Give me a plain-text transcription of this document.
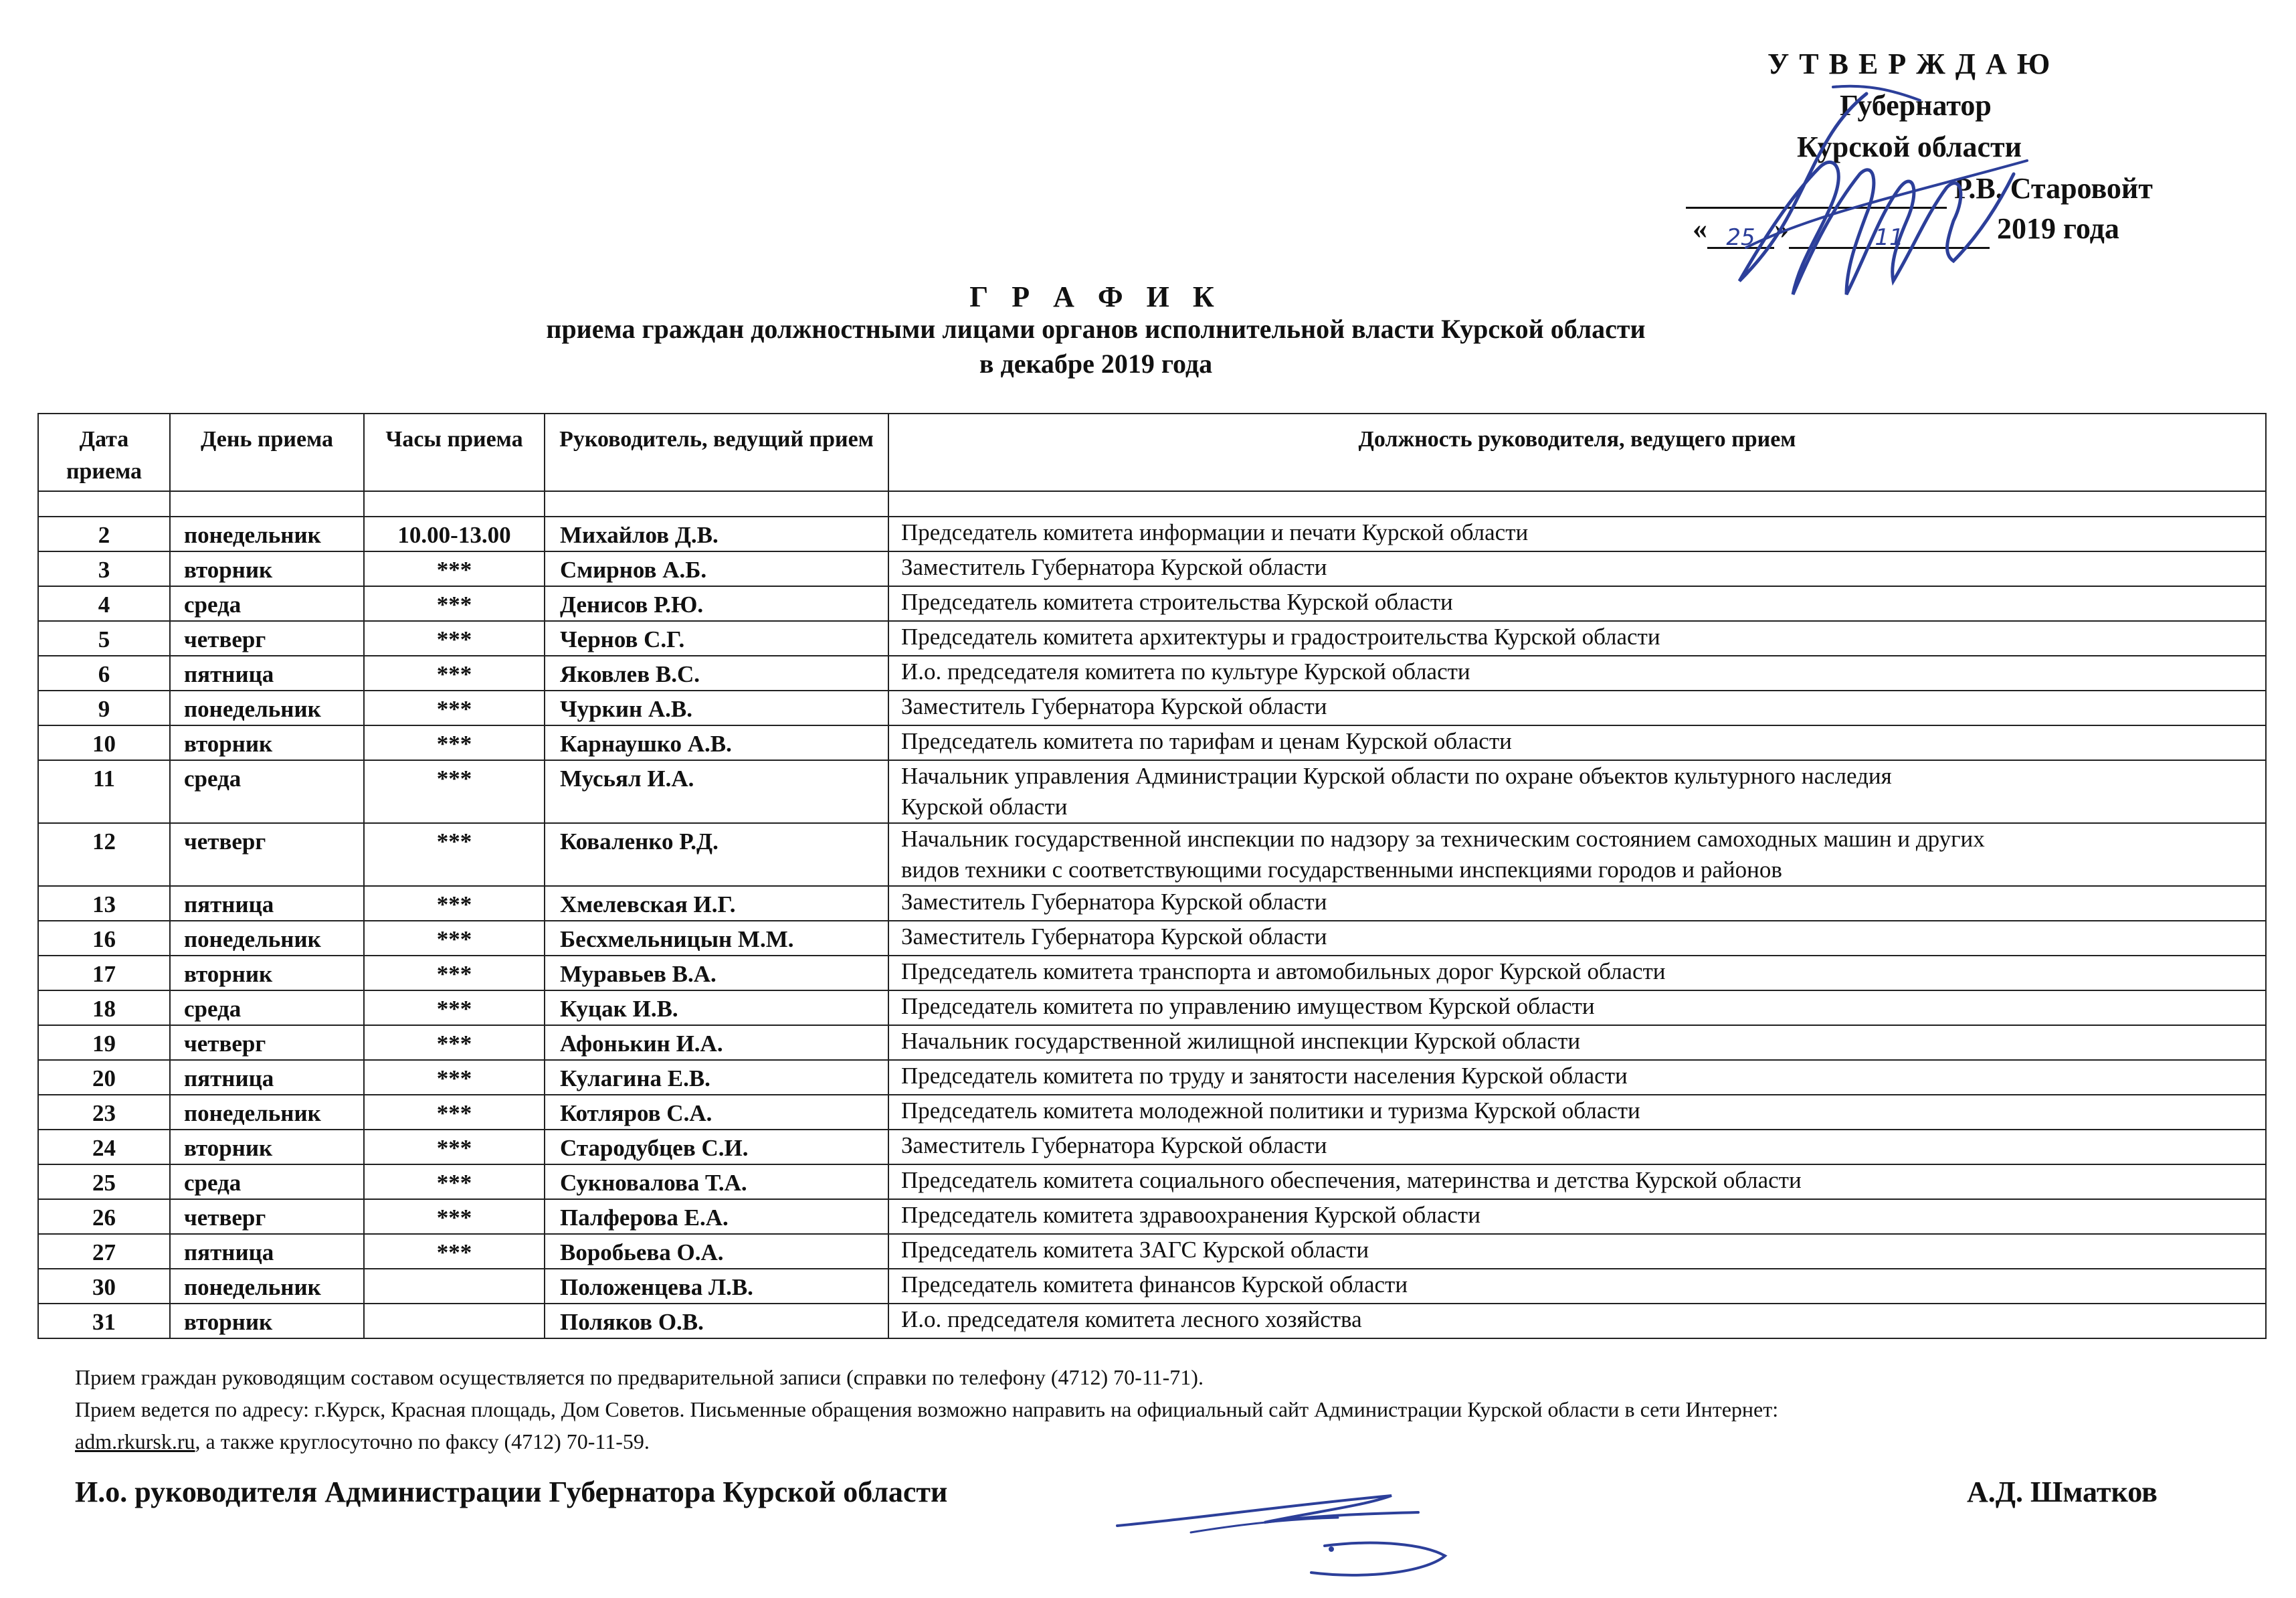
У Т В Е Р Ж Д А Ю
Губернатор
Курской области
Р.В. Старовойт
« 25 »	11	2019 года
Г Р А Ф И К
приема граждан должностными лицами органов исполнительной власти Курской области
в декабре 2019 года
Дата приема	День приема	Часы приема	Руководитель, ведущий прием	Должность руководителя, ведущего прием

2	понедельник	10.00-13.00	Михайлов Д.В.	Председатель комитета информации и печати Курской области

3	вторник	***	Смирнов А.Б.	Заместитель Губернатора Курской области

4	среда	***	Денисов Р.Ю.	Председатель комитета строительства Курской области

5	четверг	***	Чернов С.Г.	Председатель комитета архитектуры и градостроительства Курской области

6	пятница	***	Яковлев В.С.	И.о. председателя комитета по культуре Курской области

9	понедельник	***	Чуркин А.В.	Заместитель Губернатора Курской области

10	вторник	***	Карнаушко А.В.	Председатель комитета по тарифам и ценам Курской области

11	среда	***	Мусьял И.А.	Начальник управления Администрации Курской области по охране объектов культурного наследия
Курской области

12	четверг	***	Коваленко Р.Д.	Начальник государственной инспекции по надзору за техническим состоянием самоходных машин и других
видов техники с соответствующими государственными инспекциями городов и районов

13	пятница	***	Хмелевская И.Г.	Заместитель Губернатора Курской области

16	понедельник	***	Бесхмельницын М.М.	Заместитель Губернатора Курской области

17	вторник	***	Муравьев В.А.	Председатель комитета транспорта и автомобильных дорог Курской области

18	среда	***	Куцак И.В.	Председатель комитета по управлению имуществом Курской области

19	четверг	***	Афонькин И.А.	Начальник государственной жилищной инспекции Курской области

20	пятница	***	Кулагина Е.В.	Председатель комитета по труду и занятости населения Курской области

23	понедельник	***	Котляров С.А.	Председатель комитета молодежной политики и туризма Курской области

24	вторник	***	Стародубцев С.И.	Заместитель Губернатора Курской области

25	среда	***	Сукновалова Т.А.	Председатель комитета социального обеспечения, материнства и детства Курской области

26	четверг	***	Палферова Е.А.	Председатель комитета здравоохранения Курской области

27	пятница	***	Воробьева О.А.	Председатель комитета ЗАГС Курской области

30	понедельник		Положенцева Л.В.	Председатель комитета финансов Курской области

31	вторник		Поляков О.В.	И.о. председателя комитета лесного хозяйства
Прием граждан руководящим составом осуществляется по предварительной записи (справки по телефону (4712) 70-11-71).
Прием ведется по адресу: г.Курск, Красная площадь, Дом Советов. Письменные обращения возможно направить на официальный сайт Администрации Курской области в сети Интернет:
adm.rkursk.ru, а также круглосуточно по факсу (4712) 70-11-59.
И.о. руководителя Администрации Губернатора Курской области	А.Д. Шматков
